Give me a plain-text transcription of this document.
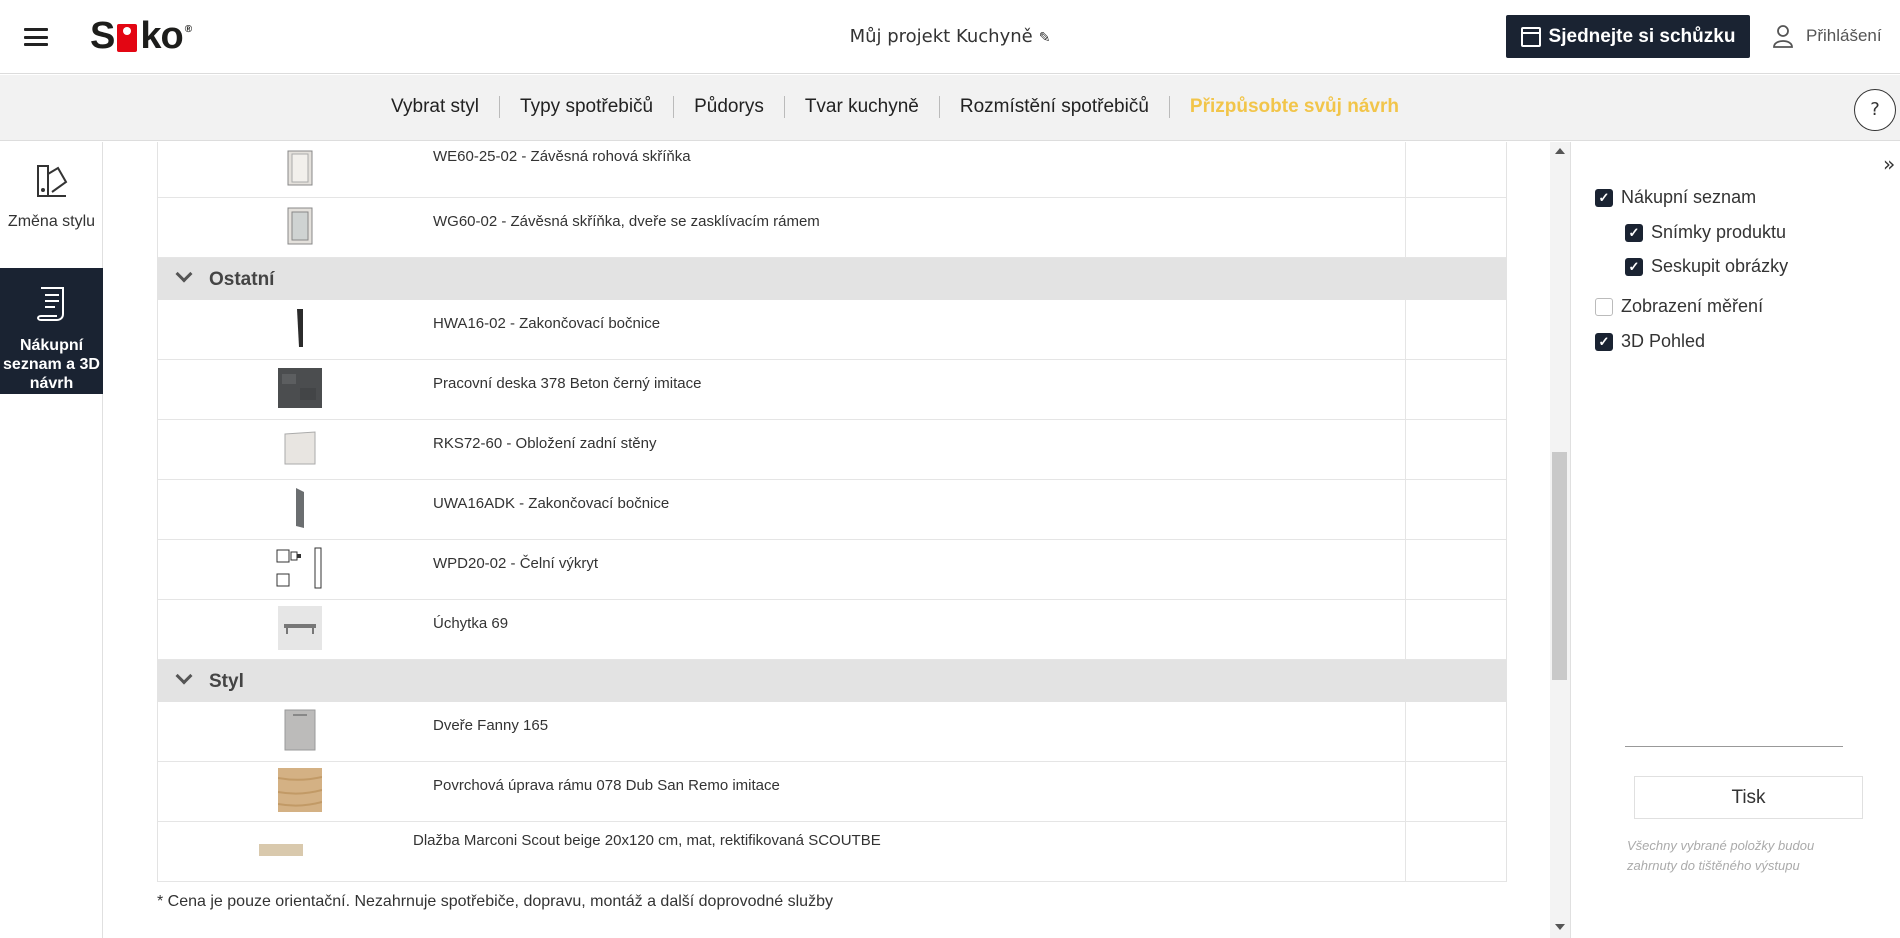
S ko ®	Můj projekt Kuchyně ✎	Sjednejte si schůzku	Přihlášení
Vybrat styl	Typy spotřebičů	Půdorys	Tvar kuchyně	Rozmístění spotřebičů	Přizpůsobte svůj návrh	?
Změna stylu
Nákupní seznam a 3D návrh
WE60-25-02 - Závěsná rohová skříňka
WG60-02 - Závěsná skříňka, dveře se zasklívacím rámem
Ostatní
HWA16-02 - Zakončovací bočnice
Pracovní deska 378 Beton černý imitace
RKS72-60 - Obložení zadní stěny
UWA16ADK - Zakončovací bočnice
WPD20-02 - Čelní výkryt
Úchytka 69
Styl
Dveře Fanny 165
Povrchová úprava rámu 078 Dub San Remo imitace
Dlažba Marconi Scout beige 20x120 cm, mat, rektifikovaná SCOUTBE
* Cena je pouze orientační. Nezahrnuje spotřebiče, dopravu, montáž a další doprovodné služby
»
✓ Nákupní seznam
✓ Snímky produktu
✓ Seskupit obrázky
Zobrazení měření
✓ 3D Pohled
Tisk
Všechny vybrané položky budou zahrnuty do tištěného výstupu
